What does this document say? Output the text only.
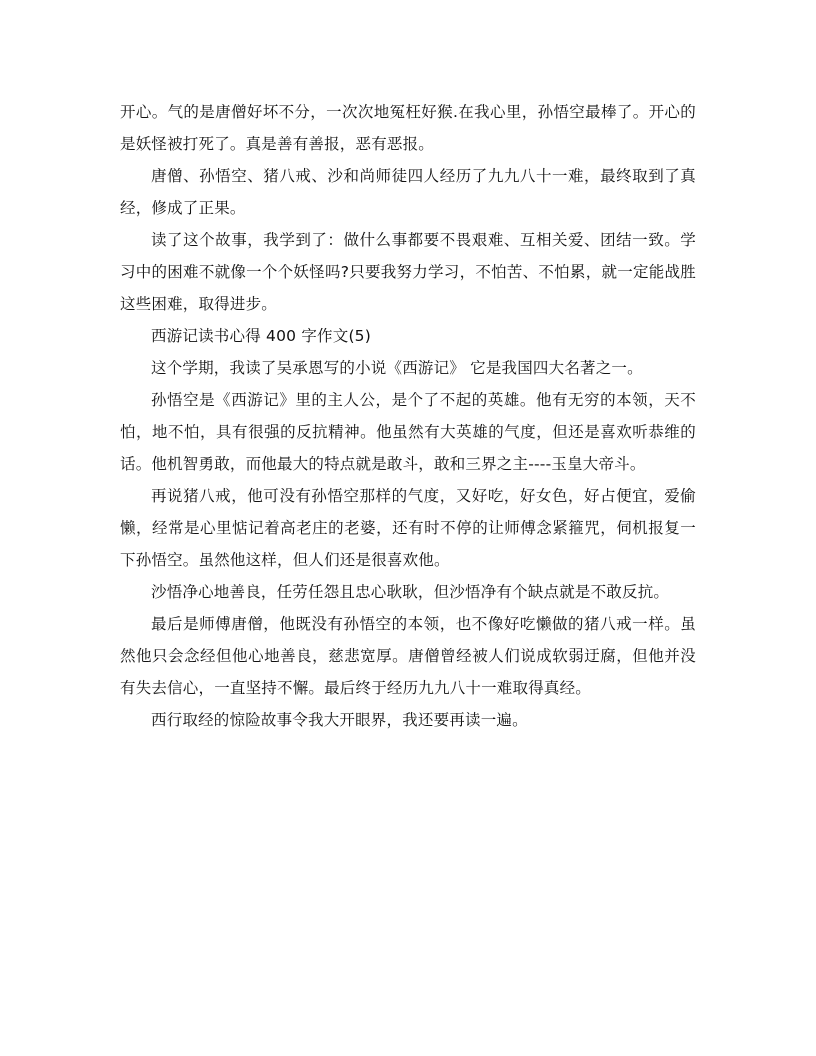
开心。气的是唐僧好坏不分，一次次地冤枉好猴.在我心里，孙悟空最棒了。开心的是妖怪被打死了。真是善有善报，恶有恶报。

唐僧、孙悟空、猪八戒、沙和尚师徒四人经历了九九八十一难，最终取到了真经，修成了正果。

读了这个故事，我学到了：做什么事都要不畏艰难、互相关爱、团结一致。学习中的困难不就像一个个妖怪吗?只要我努力学习，不怕苦、不怕累，就一定能战胜这些困难，取得进步。

西游记读书心得 400 字作文(5)

这个学期，我读了吴承恩写的小说《西游记》 它是我国四大名著之一。

孙悟空是《西游记》里的主人公，是个了不起的英雄。他有无穷的本领，天不怕，地不怕，具有很强的反抗精神。他虽然有大英雄的气度，但还是喜欢听恭维的话。他机智勇敢，而他最大的特点就是敢斗，敢和三界之主----玉皇大帝斗。

再说猪八戒，他可没有孙悟空那样的气度，又好吃，好女色，好占便宜，爱偷懒，经常是心里惦记着高老庄的老婆，还有时不停的让师傅念紧箍咒，伺机报复一下孙悟空。虽然他这样，但人们还是很喜欢他。

沙悟净心地善良，任劳任怨且忠心耿耿，但沙悟净有个缺点就是不敢反抗。

最后是师傅唐僧，他既没有孙悟空的本领，也不像好吃懒做的猪八戒一样。虽然他只会念经但他心地善良，慈悲宽厚。唐僧曾经被人们说成软弱迂腐，但他并没有失去信心，一直坚持不懈。最后终于经历九九八十一难取得真经。

西行取经的惊险故事令我大开眼界，我还要再读一遍。
